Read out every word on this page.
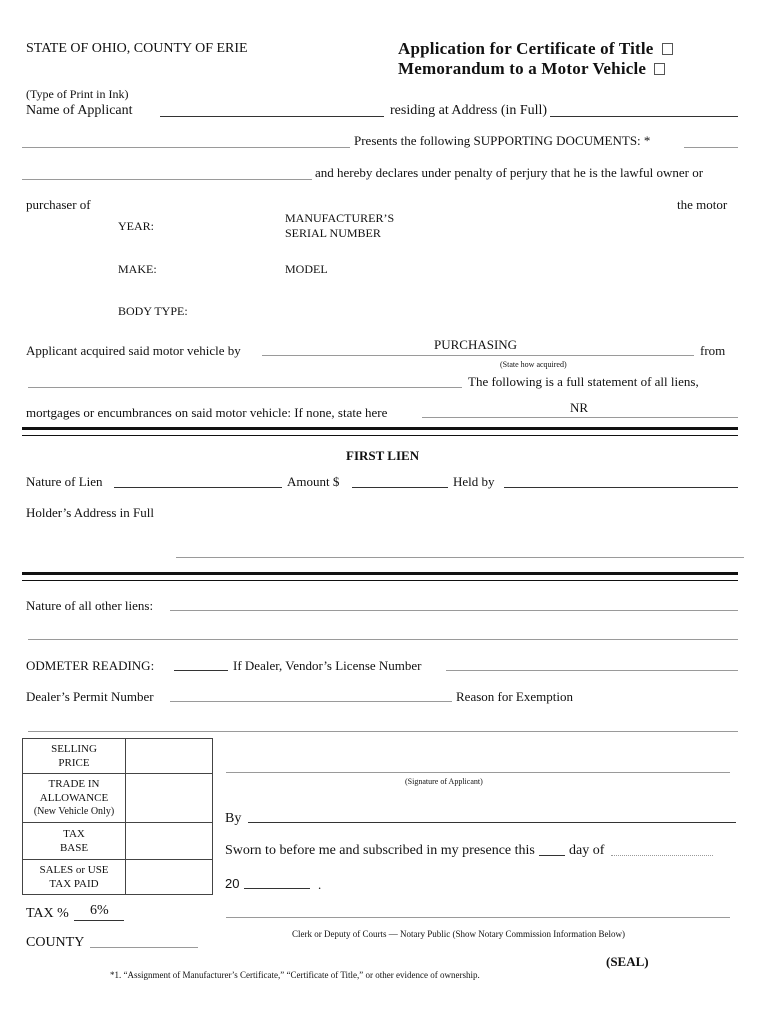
STATE OF OHIO, COUNTY OF ERIE	Application for Certificate of Title
Memorandum to a Motor Vehicle
(Type of Print in Ink)
Name of Applicant	residing at Address (in Full)
Presents the following SUPPORTING DOCUMENTS: *
and hereby declares under penalty of perjury that he is the lawful owner or
purchaser of	the motor
YEAR:
MANUFACTURER’S
SERIAL NUMBER
MAKE:	MODEL
BODY TYPE:
Applicant acquired said motor vehicle by	PURCHASING	from
(State how acquired)
The following is a full statement of all liens,
mortgages or encumbrances on said motor vehicle: If none, state here	NR
FIRST LIEN
Nature of Lien	Amount $	Held by
Holder’s Address in Full
Nature of all other liens:
ODMETER READING:	If Dealer, Vendor’s License Number
Dealer’s Permit Number	Reason for Exemption
SELLING
PRICE	

TRADE IN
ALLOWANCE
(New Vehicle Only)	

TAX
BASE	

SALES or USE
TAX PAID	

(Signature of Applicant)
By
Sworn to before me and subscribed in my presence this day of
20	.
TAX % 6%
Clerk or Deputy of Courts — Notary Public (Show Notary Commission Information Below)
COUNTY
(SEAL)
*1. “Assignment of Manufacturer’s Certificate,” “Certificate of Title,” or other evidence of ownership.
